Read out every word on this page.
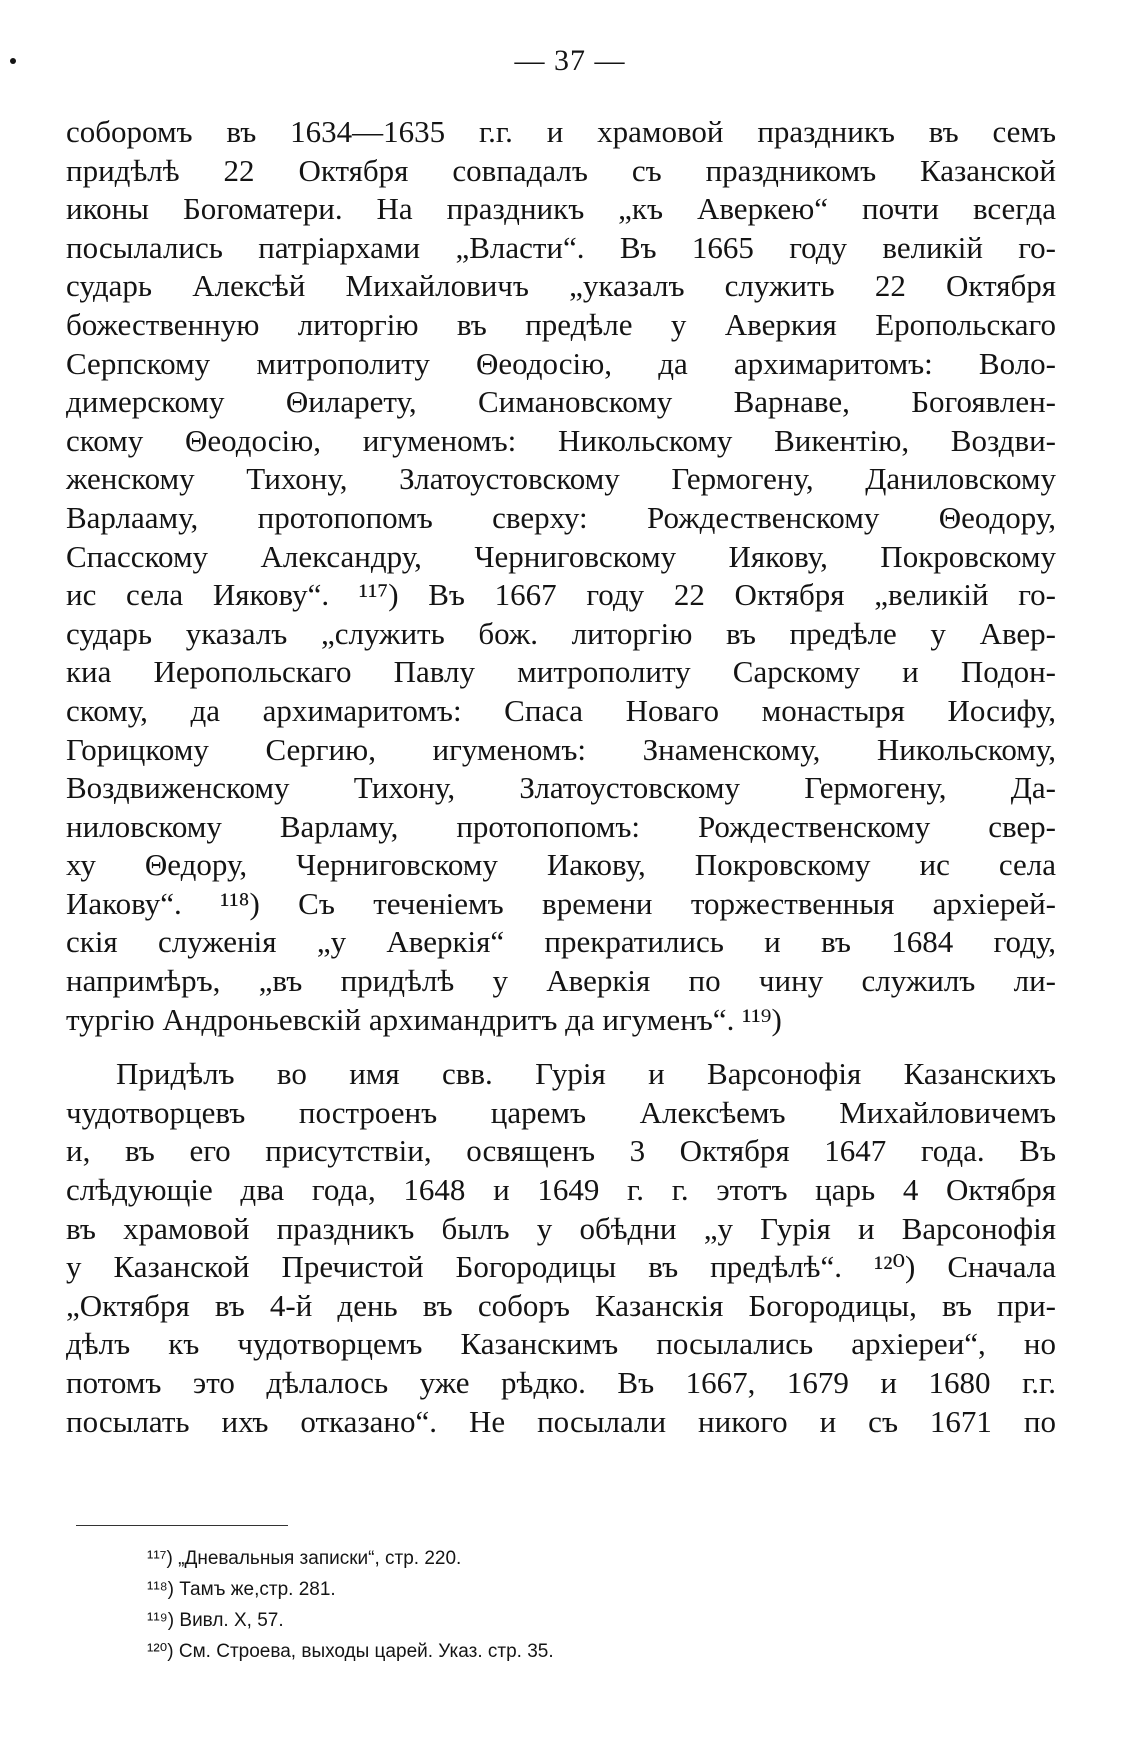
— 37 —
соборомъ въ 1634—1635 г.г. и храмовой праздникъ въ семъ
придѣлѣ 22 Октября совпадалъ съ праздникомъ Казанской
иконы Богоматери. На праздникъ „къ Аверкею“ почти всегда
посылались патріархами „Власти“. Въ 1665 году великій го-
сударь Алексѣй Михайловичъ „указалъ служить 22 Октября
божественную литоргію въ предѣле у Аверкия Еропольскаго
Серпскому митрополиту Θеодосію, да архимаритомъ: Воло-
димерскому Θиларету, Симановскому Варнаве, Богоявлен-
скому Θеодосію, игуменомъ: Никольскому Викентію, Воздви-
женскому Тихону, Златоустовскому Гермогену, Даниловскому
Варлааму, протопопомъ сверху: Рождественскому Θеодору,
Спасскому Александру, Черниговскому Иякову, Покровскому
ис села Иякову“. ¹¹⁷) Въ 1667 году 22 Октября „великій го-
сударь указалъ „служить бож. литоргію въ предѣле у Авер-
киа Иеропольскаго Павлу митрополиту Сарскому и Подон-
скому, да архимаритомъ: Спаса Новаго монастыря Иосифу,
Горицкому Сергию, игуменомъ: Знаменскому, Никольскому,
Воздвиженскому Тихону, Златоустовскому Гермогену, Да-
ниловскому Варламу, протопопомъ: Рождественскому свер-
ху Θедору, Черниговскому Иакову, Покровскому ис села
Иакову“. ¹¹⁸) Съ теченіемъ времени торжественныя архіерей-
скія служенія „у Аверкія“ прекратились и въ 1684 году,
напримѣръ, „въ придѣлѣ у Аверкія по чину служилъ ли-
тургію Андроньевскій архимандритъ да игуменъ“. ¹¹⁹)
Придѣлъ во имя свв. Гурія и Варсонофія Казанскихъ
чудотворцевъ построенъ царемъ Алексѣемъ Михайловичемъ
и, въ его присутствіи, освященъ 3 Октября 1647 года. Въ
слѣдующіе два года, 1648 и 1649 г. г. этотъ царь 4 Октября
въ храмовой праздникъ былъ у обѣдни „у Гурія и Варсонофія
у Казанской Пречистой Богородицы въ предѣлѣ“. ¹²⁰) Сначала
„Октября въ 4-й день въ соборъ Казанскія Богородицы, въ при-
дѣлъ къ чудотворцемъ Казанскимъ посылались архіереи“, но
потомъ это дѣлалось уже рѣдко. Въ 1667, 1679 и 1680 г.г.
посылать ихъ отказано“. Не посылали никого и съ 1671 по
¹¹⁷) „Дневальныя записки“, стр. 220.
¹¹⁸) Тамъ же,стр. 281.
¹¹⁹) Вивл. X, 57.
¹²⁰) См. Строева, выходы царей. Указ. стр. 35.
